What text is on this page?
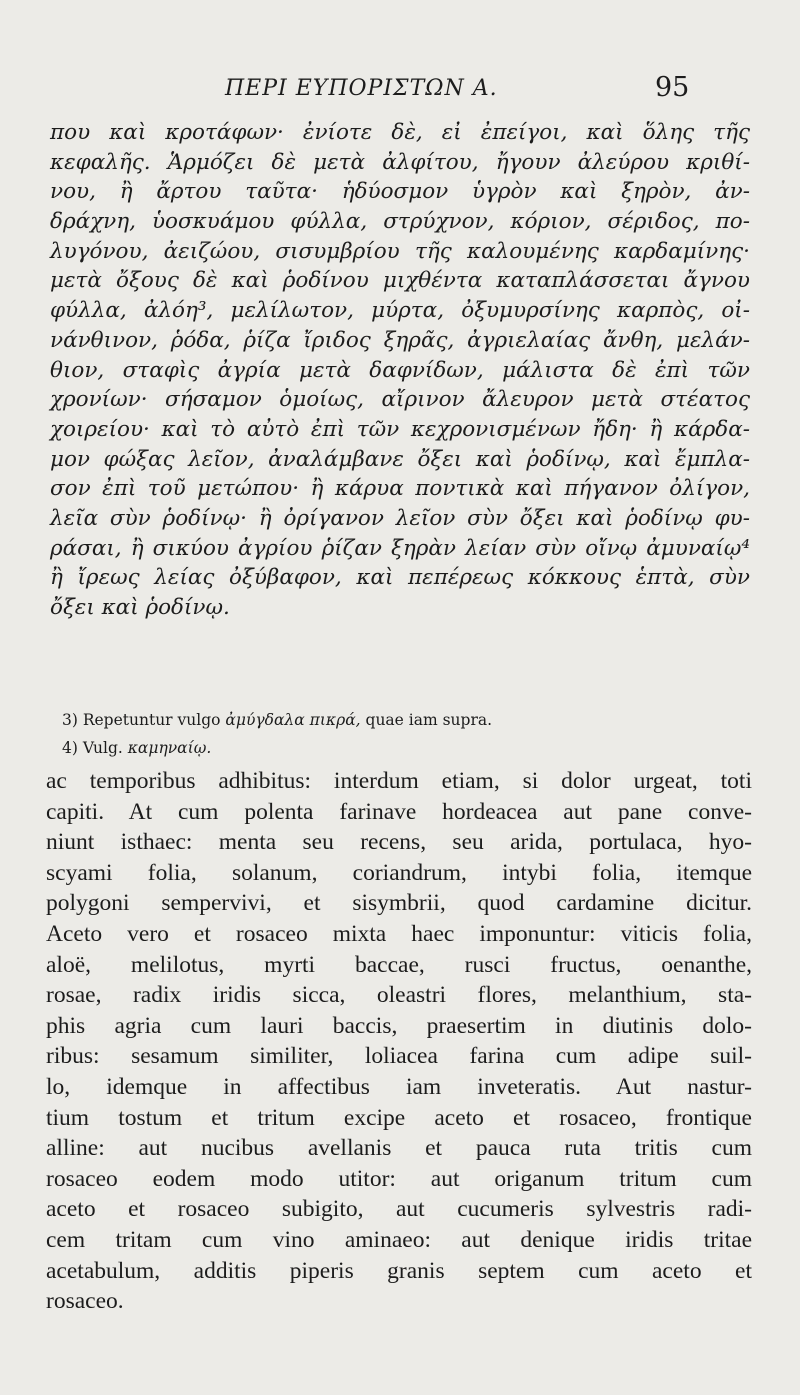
ΠΕΡΙ ΕΥΠΟΡΙΣΤΩΝ Α.	95
που καὶ κροτάφων· ἐνίοτε δὲ, εἰ ἐπείγοι, καὶ ὅλης τῆς
κεφαλῆς. Ἁρμόζει δὲ μετὰ ἀλφίτου, ἤγουν ἀλεύρου κριθί-
νου, ἢ ἄρτου ταῦτα· ἡδύοσμον ὑγρὸν καὶ ξηρὸν, ἀν-
δράχνη, ὑοσκυάμου φύλλα, στρύχνον, κόριον, σέριδος, πο-
λυγόνου, ἀειζώου, σισυμβρίου τῆς καλουμένης καρδαμίνης·
μετὰ ὄξους δὲ καὶ ῥοδίνου μιχθέντα καταπλάσσεται ἄγνου
φύλλα, ἀλόη³, μελίλωτον, μύρτα, ὀξυμυρσίνης καρπὸς, οἰ-
νάνθινον, ῥόδα, ῥίζα ἴριδος ξηρᾶς, ἀγριελαίας ἄνθη, μελάν-
θιον, σταφὶς ἀγρία μετὰ δαφνίδων, μάλιστα δὲ ἐπὶ τῶν
χρονίων· σήσαμον ὁμοίως, αἴρινον ἄλευρον μετὰ στέατος
χοιρείου· καὶ τὸ αὐτὸ ἐπὶ τῶν κεχρονισμένων ἤδη· ἢ κάρδα-
μον φώξας λεῖον, ἀναλάμβανε ὄξει καὶ ῥοδίνῳ, καὶ ἔμπλα-
σον ἐπὶ τοῦ μετώπου· ἢ κάρυα ποντικὰ καὶ πήγανον ὀλίγον,
λεῖα σὺν ῥοδίνῳ· ἢ ὀρίγανον λεῖον σὺν ὄξει καὶ ῥοδίνῳ φυ-
ράσαι, ἢ σικύου ἀγρίου ῥίζαν ξηρὰν λείαν σὺν οἴνῳ ἀμυναίῳ⁴
ἢ ἴρεως λείας ὀξύβαφον, καὶ πεπέρεως κόκκους ἑπτὰ, σὺν
ὄξει καὶ ῥοδίνῳ.
3) Repetuntur vulgo ἀμύγδαλα πικρά, quae iam supra.
4) Vulg. καμηναίῳ.
ac temporibus adhibitus: interdum etiam, si dolor urgeat, toti
capiti. At cum polenta farinave hordeacea aut pane conve-
niunt isthaec: menta seu recens, seu arida, portulaca, hyo-
scyami folia, solanum, coriandrum, intybi folia, itemque
polygoni sempervivi, et sisymbrii, quod cardamine dicitur.
Aceto vero et rosaceo mixta haec imponuntur: viticis folia,
aloë, melilotus, myrti baccae, rusci fructus, oenanthe,
rosae, radix iridis sicca, oleastri flores, melanthium, sta-
phis agria cum lauri baccis, praesertim in diutinis dolo-
ribus: sesamum similiter, loliacea farina cum adipe suil-
lo, idemque in affectibus iam inveteratis. Aut nastur-
tium tostum et tritum excipe aceto et rosaceo, frontique
alline: aut nucibus avellanis et pauca ruta tritis cum
rosaceo eodem modo utitor: aut origanum tritum cum
aceto et rosaceo subigito, aut cucumeris sylvestris radi-
cem tritam cum vino aminaeo: aut denique iridis tritae
acetabulum, additis piperis granis septem cum aceto et
rosaceo.
